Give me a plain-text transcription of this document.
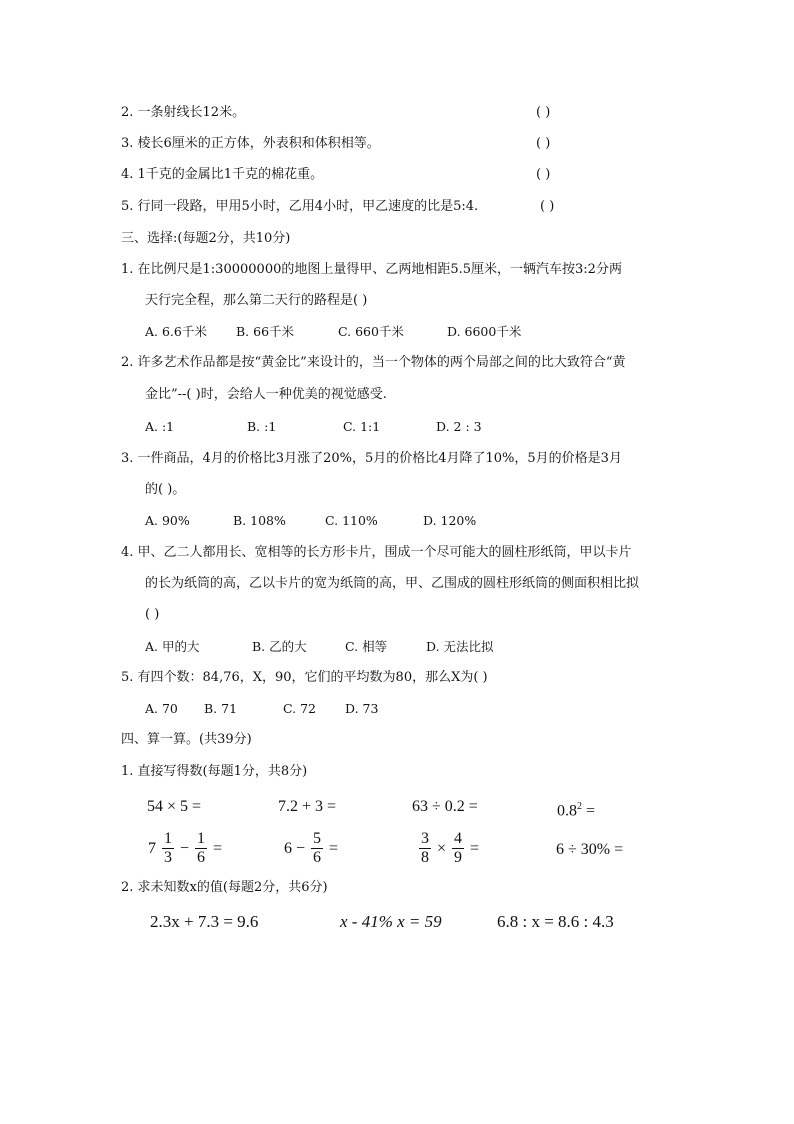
2. 一条射线长12米。	( )
3. 棱长6厘米的正方体，外表积和体积相等。	( )
4. 1千克的金属比1千克的棉花重。	( )
5. 行同一段路，甲用5小时，乙用4小时，甲乙速度的比是5:4.	( )
三、选择:(每题2分，共10分)
1. 在比例尺是1:30000000的地图上量得甲、乙两地相距5.5厘米，一辆汽车按3:2分两
天行完全程，那么第二天行的路程是( )
A. 6.6千米 B. 66千米	C. 660千米	D. 6600千米
2. 许多艺术作品都是按“黄金比”来设计的，当一个物体的两个局部之间的比大致符合“黄
金比”--( )时，会给人一种优美的视觉感受.
A. :1	B. :1	C. 1:1	D. 2 : 3
3. 一件商品，4月的价格比3月涨了20%，5月的价格比4月降了10%，5月的价格是3月
的( )。
A. 90%	B. 108%	C. 110%	D. 120%
4. 甲、乙二人都用长、宽相等的长方形卡片，围成一个尽可能大的圆柱形纸筒，甲以卡片
的长为纸筒的高，乙以卡片的宽为纸筒的高，甲、乙围成的圆柱形纸筒的侧面积相比拟
( )
A. 甲的大	B. 乙的大	C. 相等	D. 无法比拟
5. 有四个数：84,76，X，90，它们的平均数为80，那么X为( )
A. 70 B. 71	C. 72 D. 73
四、算一算。(共39分)
1. 直接写得数(每题1分，共8分)
54 × 5 =	7.2 + 3 =	63 ÷ 0.2 =	$0.8^2$ =
$7 \frac{1}{3} - \frac{1}{6}$ =	$6 - \frac{5}{6}$ =	$\frac{3}{8} \times \frac{4}{9}$ =	6 ÷ 30% =
2. 求未知数x的值(每题2分，共6分)
2.3x + 7.3 = 9.6	x - 41% x = 59	6.8 : x = 8.6 : 4.3
